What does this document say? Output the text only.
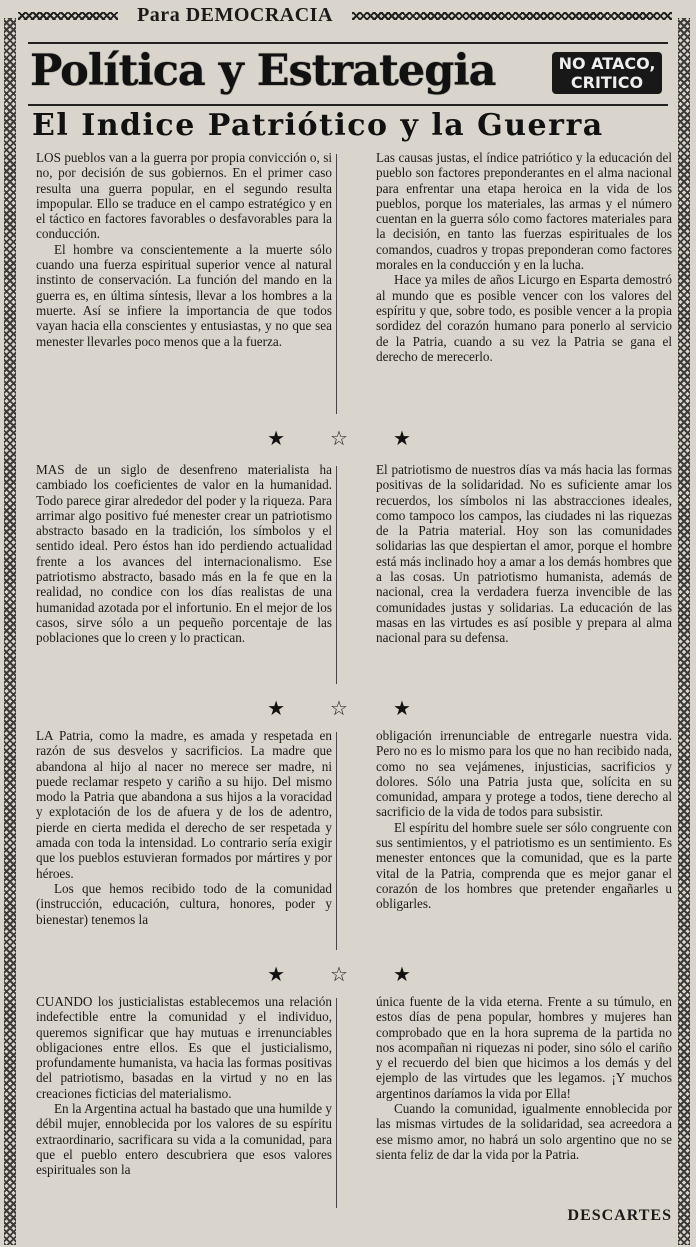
Para DEMOCRACIA
Política y Estrategia	NO ATACO,
CRITICO
El Indice Patriótico y la Guerra

LOS pueblos van a la guerra por propia convicción o, si no, por decisión de sus gobiernos. En el primer caso resulta una guerra popular, en el segundo resulta impopular. Ello se traduce en el campo estratégico y en el táctico en factores favorables o desfavorables para la conducción.

El hombre va conscientemente a la muerte sólo cuando una fuerza espiritual superior vence al natural instinto de conservación. La función del mando en la guerra es, en última síntesis, llevar a los hombres a la muerte. Así se infiere la importancia de que todos vayan hacia ella conscientes y entusiastas, y no que sea menester llevarles poco menos que a la fuerza.

Las causas justas, el índice patriótico y la educación del pueblo son factores preponderantes en el alma nacional para enfrentar una etapa heroica en la vida de los pueblos, porque los materiales, las armas y el número cuentan en la guerra sólo como factores materiales para la decisión, en tanto las fuerzas espirituales de los comandos, cuadros y tropas preponderan como factores morales en la conducción y en la lucha.

Hace ya miles de años Licurgo en Esparta demostró al mundo que es posible vencer con los valores del espíritu y que, sobre todo, es posible vencer a la propia sordidez del corazón humano para ponerlo al servicio de la Patria, cuando a su vez la Patria se gana el derecho de merecerlo.

★ ☆ ★

MAS de un siglo de desenfreno materialista ha cambiado los coeficientes de valor en la humanidad. Todo parece girar alrededor del poder y la riqueza. Para arrimar algo positivo fué menester crear un patriotismo abstracto basado en la tradición, los símbolos y el sentido ideal. Pero éstos han ido perdiendo actualidad frente a los avances del internacionalismo. Ese patriotismo abstracto, basado más en la fe que en la realidad, no condice con los días realistas de una humanidad azotada por el infortunio. En el mejor de los casos, sirve sólo a un pequeño porcentaje de las poblaciones que lo creen y lo practican.

El patriotismo de nuestros días va más hacia las formas positivas de la solidaridad. No es suficiente amar los recuerdos, los símbolos ni las abstracciones ideales, como tampoco los campos, las ciudades ni las riquezas de la Patria material. Hoy son las comunidades solidarias las que despiertan el amor, porque el hombre está más inclinado hoy a amar a los demás hombres que a las cosas. Un patriotismo humanista, además de nacional, crea la verdadera fuerza invencible de las comunidades justas y solidarias. La educación de las masas en las virtudes es así posible y prepara al alma nacional para su defensa.

★ ☆ ★

LA Patria, como la madre, es amada y respetada en razón de sus desvelos y sacrificios. La madre que abandona al hijo al nacer no merece ser madre, ni puede reclamar respeto y cariño a su hijo. Del mismo modo la Patria que abandona a sus hijos a la voracidad y explotación de los de afuera y de los de adentro, pierde en cierta medida el derecho de ser respetada y amada con toda la intensidad. Lo contrario sería exigir que los pueblos estuvieran formados por mártires y por héroes.

Los que hemos recibido todo de la comunidad (instrucción, educación, cultura, honores, poder y bienestar) tenemos la

obligación irrenunciable de entregarle nuestra vida. Pero no es lo mismo para los que no han recibido nada, como no sea vejámenes, injusticias, sacrificios y dolores. Sólo una Patria justa que, solícita en su comunidad, ampara y protege a todos, tiene derecho al sacrificio de la vida de todos para subsistir.

El espíritu del hombre suele ser sólo congruente con sus sentimientos, y el patriotismo es un sentimiento. Es menester entonces que la comunidad, que es la parte vital de la Patria, comprenda que es mejor ganar el corazón de los hombres que pretender engañarles u obligarles.

★ ☆ ★

CUANDO los justicialistas establecemos una relación indefectible entre la comunidad y el individuo, queremos significar que hay mutuas e irrenunciables obligaciones entre ellos. Es que el justicialismo, profundamente humanista, va hacia las formas positivas del patriotismo, basadas en la virtud y no en las creaciones ficticias del materialismo.

En la Argentina actual ha bastado que una humilde y débil mujer, ennoblecida por los valores de su espíritu extraordinario, sacrificara su vida a la comunidad, para que el pueblo entero descubriera que esos valores espirituales son la

única fuente de la vida eterna. Frente a su túmulo, en estos días de pena popular, hombres y mujeres han comprobado que en la hora suprema de la partida no nos acompañan ni riquezas ni poder, sino sólo el cariño y el recuerdo del bien que hicimos a los demás y del ejemplo de las virtudes que les legamos. ¡Y muchos argentinos daríamos la vida por Ella!

Cuando la comunidad, igualmente ennoblecida por las mismas virtudes de la solidaridad, sea acreedora a ese mismo amor, no habrá un solo argentino que no se sienta feliz de dar la vida por la Patria.

DESCARTES
